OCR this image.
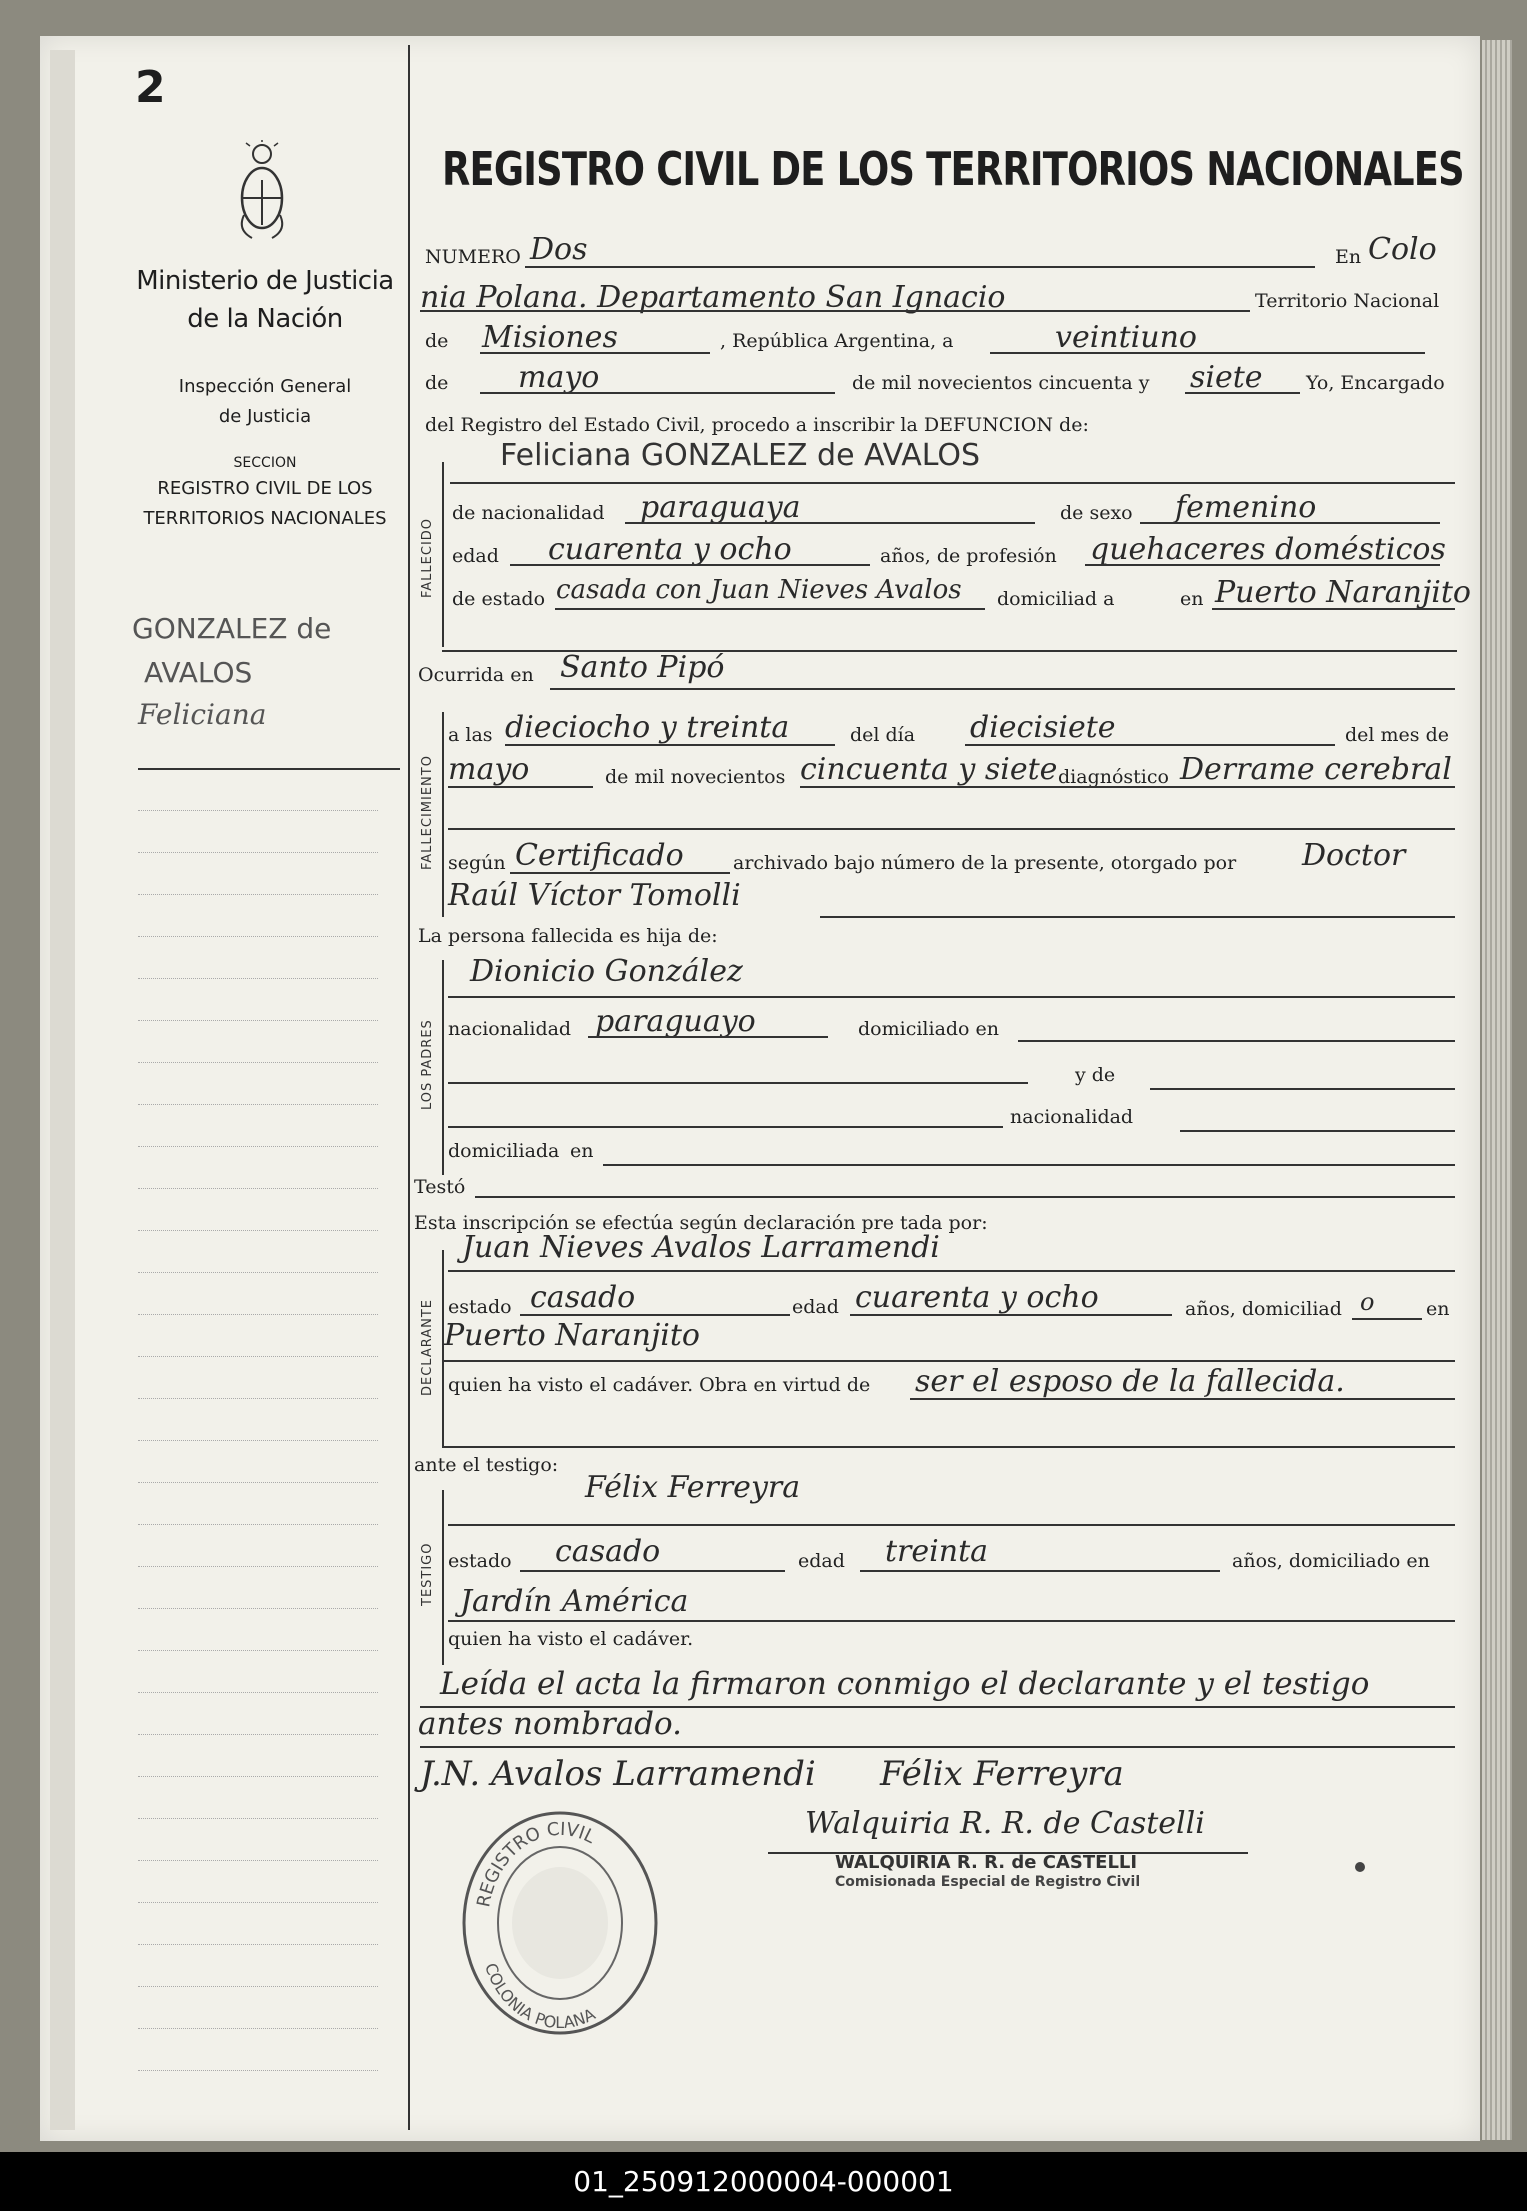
2
Ministerio de Justicia
de la Nación
Inspección General
de Justicia
SECCION
REGISTRO CIVIL DE LOS
TERRITORIOS NACIONALES
GONZALEZ de
AVALOS
Feliciana
REGISTRO CIVIL DE LOS TERRITORIOS NACIONALES
NUMERO Dos	En Colo
nia Polana. Departamento San Ignacio	Territorio Nacional
de Misiones	, República Argentina, a	veintiuno
de mayo	de mil novecientos cincuenta y siete Yo, Encargado
del Registro del Estado Civil, procedo a inscribir la DEFUNCION de:
FALLECIDO
Feliciana GONZALEZ de AVALOS
de nacionalidad paraguaya	de sexo femenino
edad cuarenta y ocho	años, de profesión quehaceres domésticos
de estado casada con Juan Nieves Avalos domiciliad a	en Puerto Naranjito
Ocurrida en Santo Pipó
FALLECIMIENTO
a las dieciocho y treinta	del día diecisiete	del mes de
mayo	de mil novecientos cincuenta y siete diagnóstico Derrame cerebral
según Certificado	archivado bajo número de la presente, otorgado por Doctor
Raúl Víctor Tomolli
La persona fallecida es hija de:
LOS PADRES
Dionicio González
nacionalidad paraguayo	domiciliado en
y de
nacionalidad
domiciliada en
Testó
Esta inscripción se efectúa según declaración pre tada por:
DECLARANTE
Juan Nieves Avalos Larramendi
estado casado	edad cuarenta y ocho	años, domiciliad o	en
Puerto Naranjito
quien ha visto el cadáver. Obra en virtud de ser el esposo de la fallecida.
ante el testigo:
TESTIGO
Félix Ferreyra
estado casado	edad treinta	años, domiciliado en
Jardín América
quien ha visto el cadáver.
Leída el acta la firmaron conmigo el declarante y el testigo
antes nombrado.
J.N. Avalos Larramendi Félix Ferreyra
Walquiria R. R. de Castelli
WALQUIRIA R. R. de CASTELLI
Comisionada Especial de Registro Civil
REGISTRO CIVIL
COLONIA POLANA
01_250912000004-000001
